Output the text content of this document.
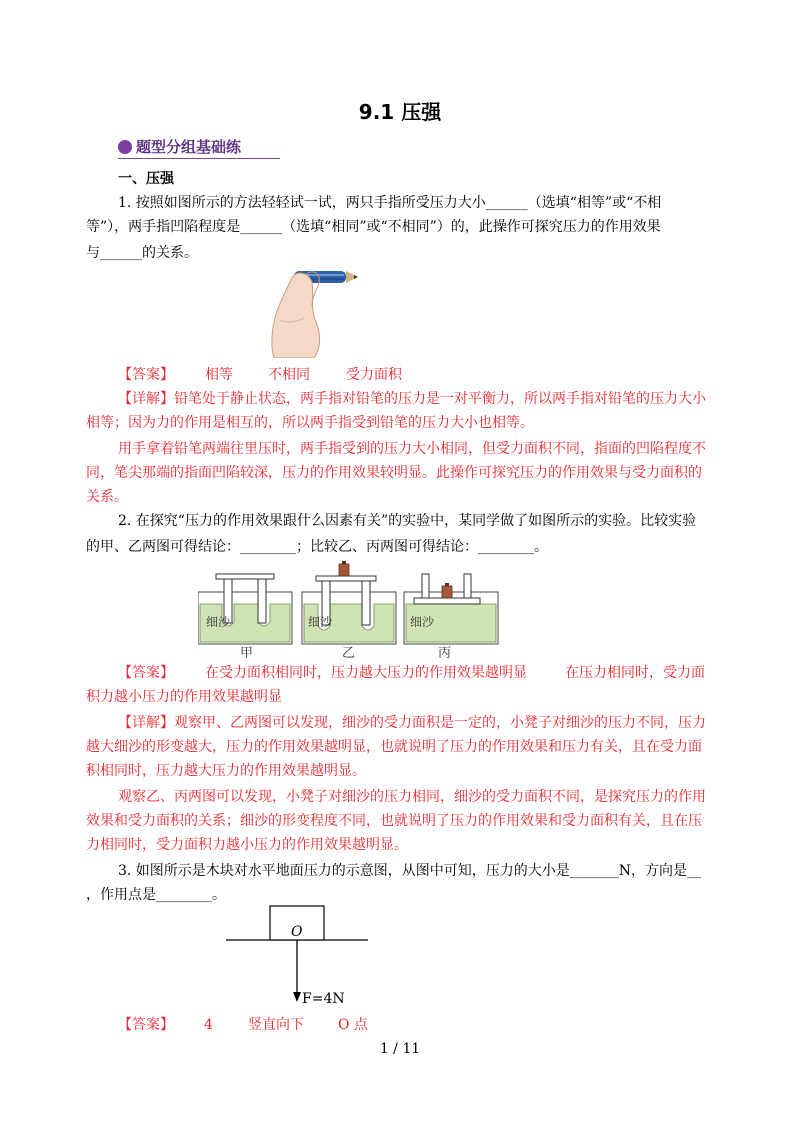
9.1 压强
题型分组基础练
一、压强
1. 按照如图所示的方法轻轻试一试，两只手指所受压力大小______（选填“相等”或“不相
等”），两手指凹陷程度是______（选填“相同”或“不相同”）的，此操作可探究压力的作用效果
与______的关系。
【答案】 相等	不相同	受力面积
【详解】铅笔处于静止状态，两手指对铅笔的压力是一对平衡力，所以两手指对铅笔的压力大小
相等；因为力的作用是相互的，所以两手指受到铅笔的压力大小也相等。
用手拿着铅笔两端往里压时，两手指受到的压力大小相同，但受力面积不同，指面的凹陷程度不
同，笔尖那端的指面凹陷较深，压力的作用效果较明显。此操作可探究压力的作用效果与受力面积的
关系。
2. 在探究“压力的作用效果跟什么因素有关”的实验中，某同学做了如图所示的实验。比较实验
的甲、乙两图可得结论：________；比较乙、丙两图可得结论：________。
细沙	细沙	细沙
甲	乙	丙
【答案】 在受力面积相同时，压力越大压力的作用效果越明显	在压力相同时，受力面
积力越小压力的作用效果越明显
【详解】观察甲、乙两图可以发现，细沙的受力面积是一定的，小凳子对细沙的压力不同，压力
越大细沙的形变越大，压力的作用效果越明显，也就说明了压力的作用效果和压力有关，且在受力面
积相同时，压力越大压力的作用效果越明显。
观察乙、丙两图可以发现，小凳子对细沙的压力相同，细沙的受力面积不同，是探究压力的作用
效果和受力面积的关系；细沙的形变程度不同，也就说明了压力的作用效果和受力面积有关，且在压
力相同时，受力面积力越小压力的作用效果越明显。
3. 如图所示是木块对水平地面压力的示意图，从图中可知，压力的大小是_______N，方向是__
，作用点是________。
O
F=4N
【答案】 4	竖直向下 O 点
1 / 11
